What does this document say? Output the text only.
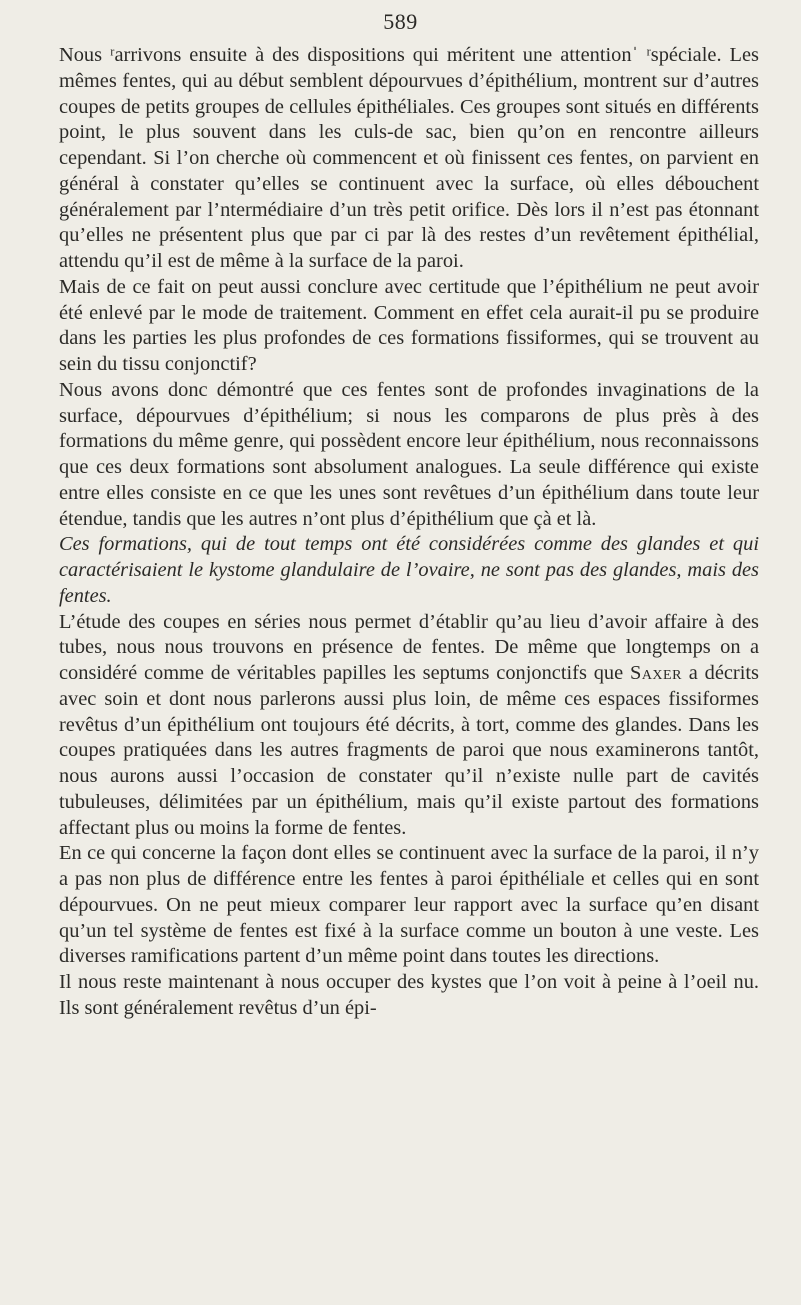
589

Nous ʳarrivons ensuite à des dispositions qui méritent une attentionˈ ʳspéciale. Les mêmes fentes, qui au début semblent dépourvues d’épithélium, montrent sur d’autres coupes de petits groupes de cellules épithéliales. Ces groupes sont situés en différents point, le plus souvent dans les culs-de sac, bien qu’on en rencontre ailleurs cependant. Si l’on cherche où commencent et où finissent ces fentes, on parvient en général à constater qu’elles se continuent avec la surface, où elles débouchent généralement par l’ntermédiaire d’un très petit orifice. Dès lors il n’est pas étonnant qu’elles ne présentent plus que par ci par là des restes d’un revêtement épithélial, attendu qu’il est de même à la surface de la paroi.

Mais de ce fait on peut aussi conclure avec certitude que l’épithélium ne peut avoir été enlevé par le mode de traitement. Comment en effet cela aurait-il pu se produire dans les parties les plus profondes de ces formations fissiformes, qui se trouvent au sein du tissu conjonctif?

Nous avons donc démontré que ces fentes sont de profondes invaginations de la surface, dépourvues d’épithélium; si nous les comparons de plus près à des formations du même genre, qui possèdent encore leur épithélium, nous reconnaissons que ces deux formations sont absolument analogues. La seule différence qui existe entre elles consiste en ce que les unes sont revêtues d’un épithélium dans toute leur étendue, tandis que les autres n’ont plus d’épithélium que çà et là.

Ces formations, qui de tout temps ont été considérées comme des glandes et qui caractérisaient le kystome glandulaire de l’ovaire, ne sont pas des glandes, mais des fentes.

L’étude des coupes en séries nous permet d’établir qu’au lieu d’avoir affaire à des tubes, nous nous trouvons en présence de fentes. De même que longtemps on a considéré comme de véritables papilles les septums conjonctifs que Saxer a décrits avec soin et dont nous parlerons aussi plus loin, de même ces espaces fissiformes revêtus d’un épithélium ont toujours été décrits, à tort, comme des glandes. Dans les coupes pratiquées dans les autres fragments de paroi que nous examinerons tantôt, nous aurons aussi l’occasion de constater qu’il n’existe nulle part de cavités tubuleuses, délimitées par un épithélium, mais qu’il existe partout des formations affectant plus ou moins la forme de fentes.

En ce qui concerne la façon dont elles se continuent avec la surface de la paroi, il n’y a pas non plus de différence entre les fentes à paroi épithéliale et celles qui en sont dépourvues. On ne peut mieux comparer leur rapport avec la surface qu’en disant qu’un tel système de fentes est fixé à la surface comme un bouton à une veste. Les diverses ramifications partent d’un même point dans toutes les directions.

Il nous reste maintenant à nous occuper des kystes que l’on voit à peine à l’oeil nu. Ils sont généralement revêtus d’un épi-
